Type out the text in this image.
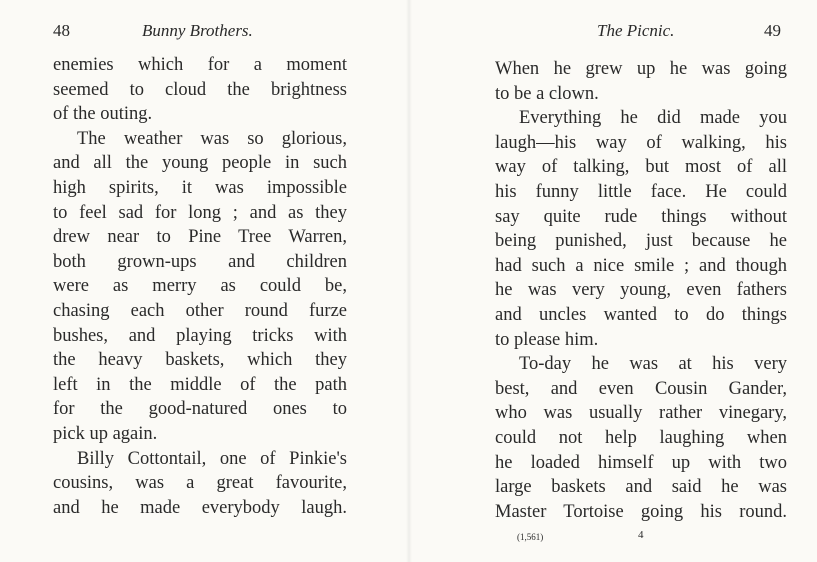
48	Bunny Brothers.
enemies which for a moment
seemed to cloud the brightness
of the outing.
The weather was so glorious,
and all the young people in such
high spirits, it was impossible
to feel sad for long ; and as they
drew near to Pine Tree Warren,
both grown-ups and children
were as merry as could be,
chasing each other round furze
bushes, and playing tricks with
the heavy baskets, which they
left in the middle of the path
for the good-natured ones to
pick up again.
Billy Cottontail, one of Pinkie's
cousins, was a great favourite,
and he made everybody laugh.
The Picnic.	49
When he grew up he was going
to be a clown.
Everything he did made you
laugh—his way of walking, his
way of talking, but most of all
his funny little face. He could
say quite rude things without
being punished, just because he
had such a nice smile ; and though
he was very young, even fathers
and uncles wanted to do things
to please him.
To-day he was at his very
best, and even Cousin Gander,
who was usually rather vinegary,
could not help laughing when
he loaded himself up with two
large baskets and said he was
Master Tortoise going his round.
(1,561)	4
